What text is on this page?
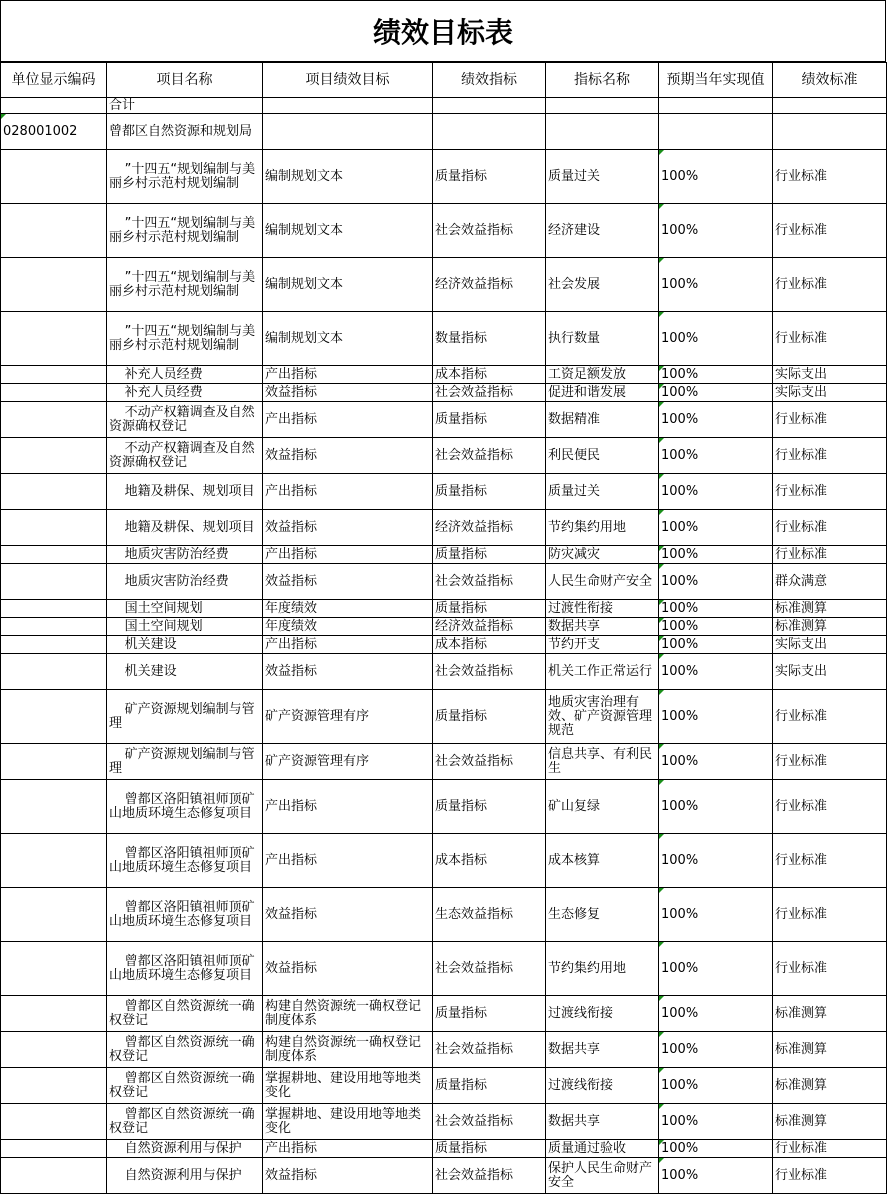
绩效目标表
单位显示编码	项目名称	项目绩效目标	绩效指标	指标名称	预期当年实现值	绩效标准
	合计					
028001002	曾都区自然资源和规划局					
	”十四五“规划编制与美丽乡村示范村规划编制	编制规划文本	质量指标	质量过关	100%	行业标准
	”十四五“规划编制与美丽乡村示范村规划编制	编制规划文本	社会效益指标	经济建设	100%	行业标准
	”十四五“规划编制与美丽乡村示范村规划编制	编制规划文本	经济效益指标	社会发展	100%	行业标准
	”十四五“规划编制与美丽乡村示范村规划编制	编制规划文本	数量指标	执行数量	100%	行业标准
	补充人员经费	产出指标	成本指标	工资足额发放	100%	实际支出
	补充人员经费	效益指标	社会效益指标	促进和谐发展	100%	实际支出
	不动产权籍调查及自然资源确权登记	产出指标	质量指标	数据精准	100%	行业标准
	不动产权籍调查及自然资源确权登记	效益指标	社会效益指标	利民便民	100%	行业标准
	地籍及耕保、规划项目	产出指标	质量指标	质量过关	100%	行业标准
	地籍及耕保、规划项目	效益指标	经济效益指标	节约集约用地	100%	行业标准
	地质灾害防治经费	产出指标	质量指标	防灾减灾	100%	行业标准
	地质灾害防治经费	效益指标	社会效益指标	人民生命财产安全	100%	群众满意
	国土空间规划	年度绩效	质量指标	过渡性衔接	100%	标准测算
	国土空间规划	年度绩效	经济效益指标	数据共享	100%	标准测算
	机关建设	产出指标	成本指标	节约开支	100%	实际支出
	机关建设	效益指标	社会效益指标	机关工作正常运行	100%	实际支出
	矿产资源规划编制与管理	矿产资源管理有序	质量指标	地质灾害治理有效、矿产资源管理规范	100%	行业标准
	矿产资源规划编制与管理	矿产资源管理有序	社会效益指标	信息共享、有利民生	100%	行业标准
	曾都区洛阳镇祖师顶矿山地质环境生态修复项目	产出指标	质量指标	矿山复绿	100%	行业标准
	曾都区洛阳镇祖师顶矿山地质环境生态修复项目	产出指标	成本指标	成本核算	100%	行业标准
	曾都区洛阳镇祖师顶矿山地质环境生态修复项目	效益指标	生态效益指标	生态修复	100%	行业标准
	曾都区洛阳镇祖师顶矿山地质环境生态修复项目	效益指标	社会效益指标	节约集约用地	100%	行业标准
	曾都区自然资源统一确权登记	构建自然资源统一确权登记制度体系	质量指标	过渡线衔接	100%	标准测算
	曾都区自然资源统一确权登记	构建自然资源统一确权登记制度体系	社会效益指标	数据共享	100%	标准测算
	曾都区自然资源统一确权登记	掌握耕地、建设用地等地类变化	质量指标	过渡线衔接	100%	标准测算
	曾都区自然资源统一确权登记	掌握耕地、建设用地等地类变化	社会效益指标	数据共享	100%	标准测算
	自然资源利用与保护	产出指标	质量指标	质量通过验收	100%	行业标准
	自然资源利用与保护	效益指标	社会效益指标	保护人民生命财产安全	100%	行业标准
